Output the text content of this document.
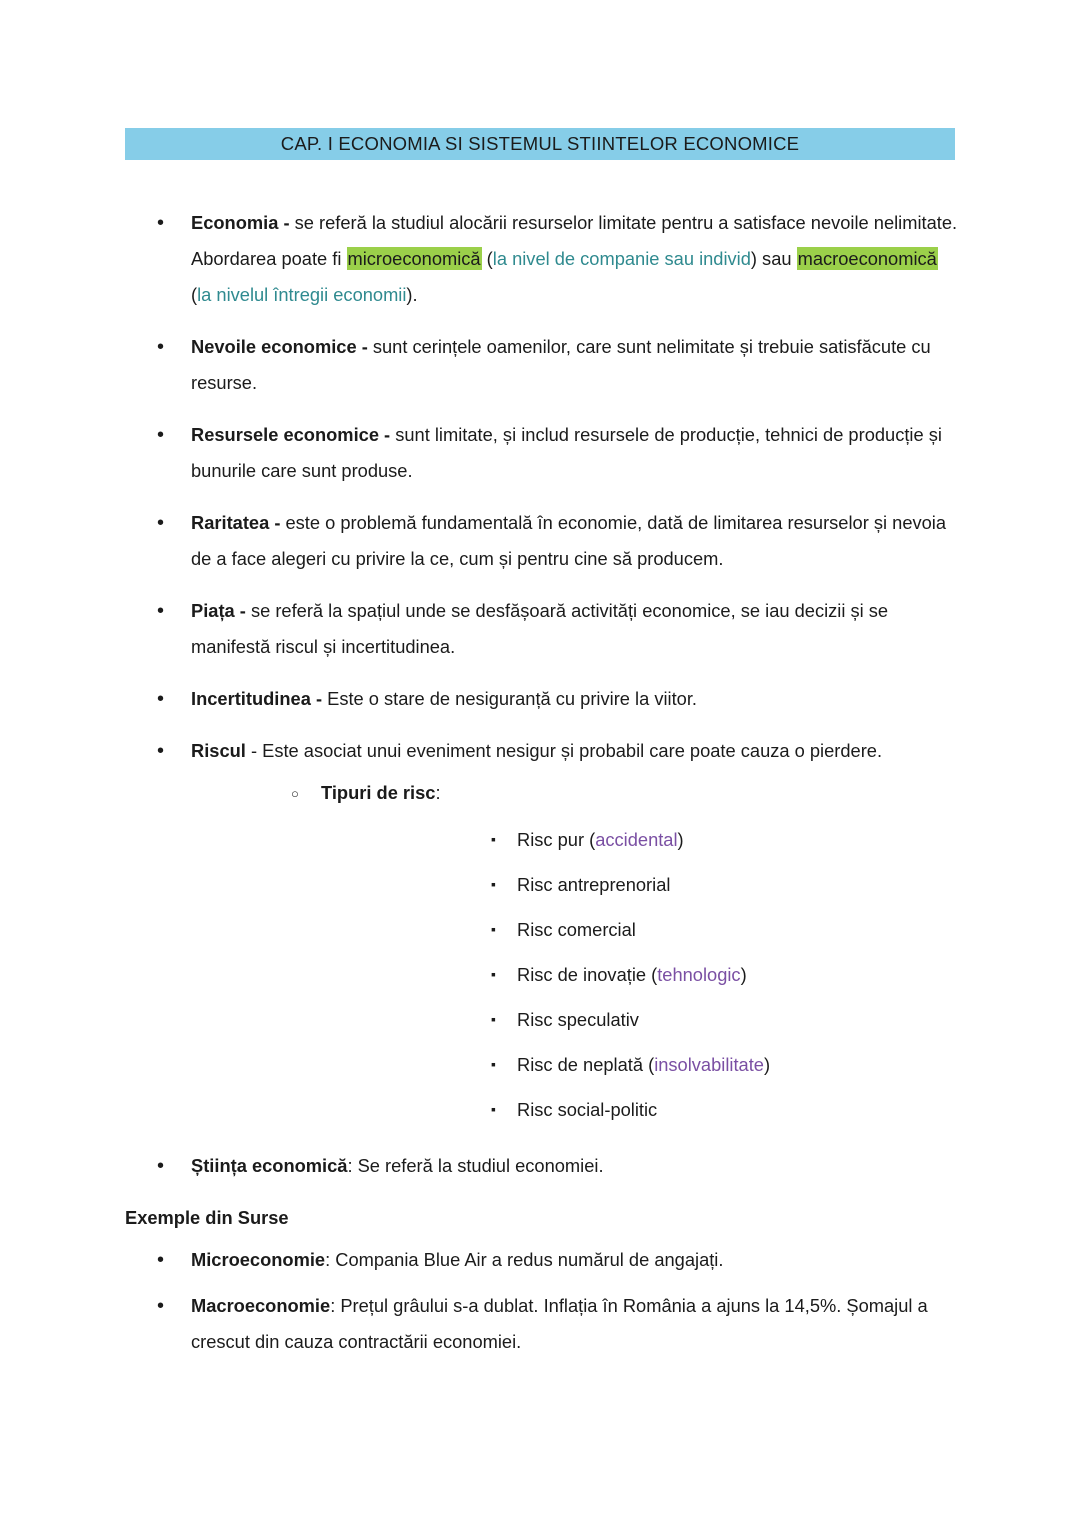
CAP. I ECONOMIA SI SISTEMUL STIINTELOR ECONOMICE
• Economia - se referă la studiul alocării resurselor limitate pentru a satisface nevoile nelimitate. Abordarea poate fi microeconomică (la nivel de companie sau individ) sau macroeconomică (la nivelul întregii economii).
• Nevoile economice - sunt cerințele oamenilor, care sunt nelimitate și trebuie satisfăcute cu resurse.
• Resursele economice - sunt limitate, și includ resursele de producție, tehnici de producție și bunurile care sunt produse.
• Raritatea - este o problemă fundamentală în economie, dată de limitarea resurselor și nevoia de a face alegeri cu privire la ce, cum și pentru cine să producem.
• Piața - se referă la spațiul unde se desfășoară activități economice, se iau decizii și se manifestă riscul și incertitudinea.
• Incertitudinea - Este o stare de nesiguranță cu privire la viitor.
• Riscul - Este asociat unui eveniment nesigur și probabil care poate cauza o pierdere.
○ Tipuri de risc:
▪ Risc pur (accidental)
▪ Risc antreprenorial
▪ Risc comercial
▪ Risc de inovație (tehnologic)
▪ Risc speculativ
▪ Risc de neplată (insolvabilitate)
▪ Risc social-politic
• Știința economică: Se referă la studiul economiei.
Exemple din Surse
• Microeconomie: Compania Blue Air a redus numărul de angajați.
• Macroeconomie: Prețul grâului s-a dublat. Inflația în România a ajuns la 14,5%. Șomajul a crescut din cauza contractării economiei.
